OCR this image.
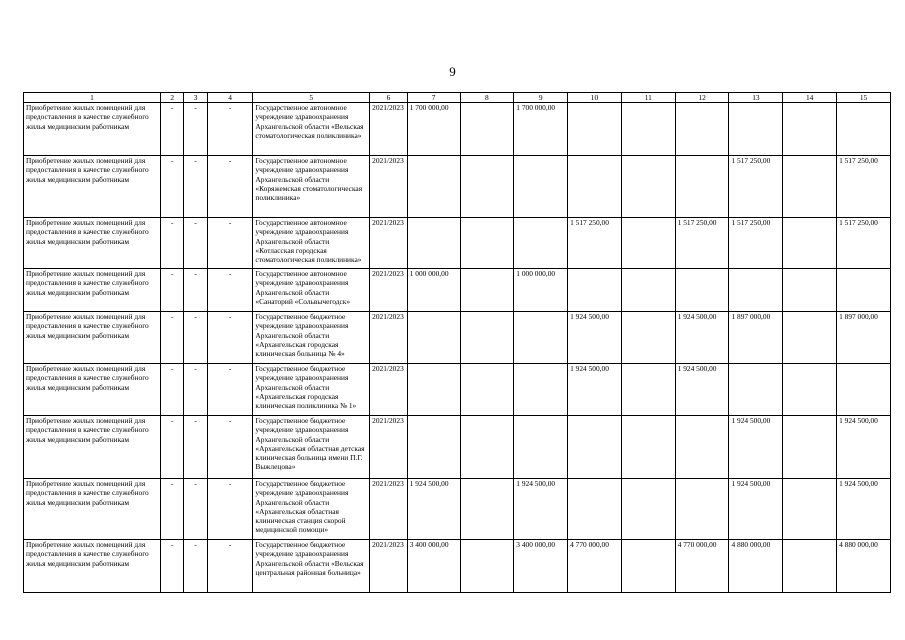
9
1	2	3	4	5	6	7	8	9	10	11	12	13	14	15
Приобретение жилых помещений для предоставления в качестве служебного жилья медицинским работникам	-	-	-	Государственное автономное учреждение здравоохранения Архангельской области «Вельская стоматологическая поликлиника»	2021/2023	1 700 000,00		1 700 000,00						
Приобретение жилых помещений для предоставления в качестве служебного жилья медицинским работникам	-	-	-	Государственное автономное учреждение здравоохранения Архангельской области «Коряжемская стоматологическая поликлиника»	2021/2023							1 517 250,00		1 517 250,00
Приобретение жилых помещений для предоставления в качестве служебного жилья медицинским работникам	-	-	-	Государственное автономное учреждение здравоохранения Архангельской области «Котласская городская стоматологическая поликлиника»	2021/2023				1 517 250,00		1 517 250,00	1 517 250,00		1 517 250,00
Приобретение жилых помещений для предоставления в качестве служебного жилья медицинским работникам	-	-	-	Государственное автономное учреждение здравоохранения Архангельской области «Санаторий «Сольвычегодск»	2021/2023	1 000 000,00		1 000 000,00						
Приобретение жилых помещений для предоставления в качестве служебного жилья медицинским работникам	-	-	-	Государственное бюджетное учреждение здравоохранения Архангельской области «Архангельская городская клиническая больница № 4»	2021/2023				1 924 500,00		1 924 500,00	1 897 000,00		1 897 000,00
Приобретение жилых помещений для предоставления в качестве служебного жилья медицинским работникам	-	-	-	Государственное бюджетное учреждение здравоохранения Архангельской области «Архангельская городская клиническая поликлиника № 1»	2021/2023				1 924 500,00		1 924 500,00			
Приобретение жилых помещений для предоставления в качестве служебного жилья медицинским работникам	-	-	-	Государственное бюджетное учреждение здравоохранения Архангельской области «Архангельская областная детская клиническая больница имени П.Г. Выжлецова»	2021/2023							1 924 500,00		1 924 500,00
Приобретение жилых помещений для предоставления в качестве служебного жилья медицинским работникам	-	-	-	Государственное бюджетное учреждение здравоохранения Архангельской области «Архангельская областная клиническая станция скорой медицинской помощи»	2021/2023	1 924 500,00		1 924 500,00				1 924 500,00		1 924 500,00
Приобретение жилых помещений для предоставления в качестве служебного жилья медицинским работникам	-	-	-	Государственное бюджетное учреждение здравоохранения Архангельской области «Вельская центральная районная больница»	2021/2023	3 400 000,00		3 400 000,00	4 770 000,00		4 770 000,00	4 880 000,00		4 880 000,00
